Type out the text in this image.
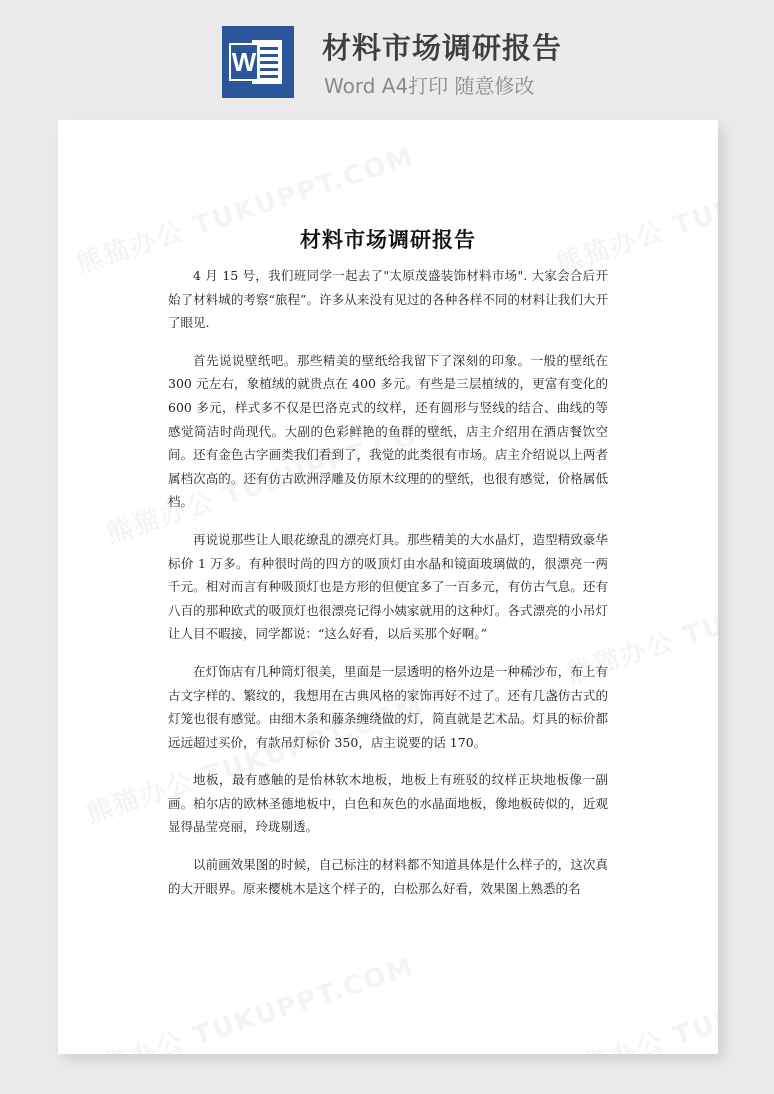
W 材料市场调研报告
Word A4打印 随意修改
材料市场调研报告

4 月 15 号，我们班同学一起去了"太原茂盛装饰材料市场". 大家会合后开始了材料城的考察“旅程”。许多从来没有见过的各种各样不同的材料让我们大开了眼见.

首先说说壁纸吧。那些精美的壁纸给我留下了深刻的印象。一般的壁纸在 300 元左右，象植绒的就贵点在 400 多元。有些是三层植绒的，更富有变化的 600 多元，样式多不仅是巴洛克式的纹样，还有圆形与竖线的结合、曲线的等感觉简洁时尚现代。大副的色彩鲜艳的鱼群的壁纸，店主介绍用在酒店餐饮空间。还有金色古字画类我们看到了，我觉的此类很有市场。店主介绍说以上两者属档次高的。还有仿古欧洲浮雕及仿原木纹理的的壁纸，也很有感觉，价格属低档。

再说说那些让人眼花缭乱的漂亮灯具。那些精美的大水晶灯，造型精致豪华标价 1 万多。有种很时尚的四方的吸顶灯由水晶和镜面玻璃做的，很漂亮一两千元。相对而言有种吸顶灯也是方形的但便宜多了一百多元，有仿古气息。还有八百的那种欧式的吸顶灯也很漂亮记得小姨家就用的这种灯。各式漂亮的小吊灯让人目不暇接，同学都说：“这么好看，以后买那个好啊。”

在灯饰店有几种筒灯很美，里面是一层透明的格外边是一种稀沙布，布上有古文字样的、繁纹的，我想用在古典风格的家饰再好不过了。还有几盏仿古式的灯笼也很有感觉。由细木条和藤条缠绕做的灯，简直就是艺术品。灯具的标价都远远超过买价，有款吊灯标价 350，店主说要的话 170。

地板，最有感触的是怡林软木地板，地板上有班驳的纹样正块地板像一副画。柏尔店的欧林圣德地板中，白色和灰色的水晶面地板，像地板砖似的，近观显得晶莹亮丽，玲珑剔透。

以前画效果图的时候，自己标注的材料都不知道具体是什么样子的，这次真的大开眼界。原来樱桃木是这个样子的，白松那么好看，效果图上熟悉的名
